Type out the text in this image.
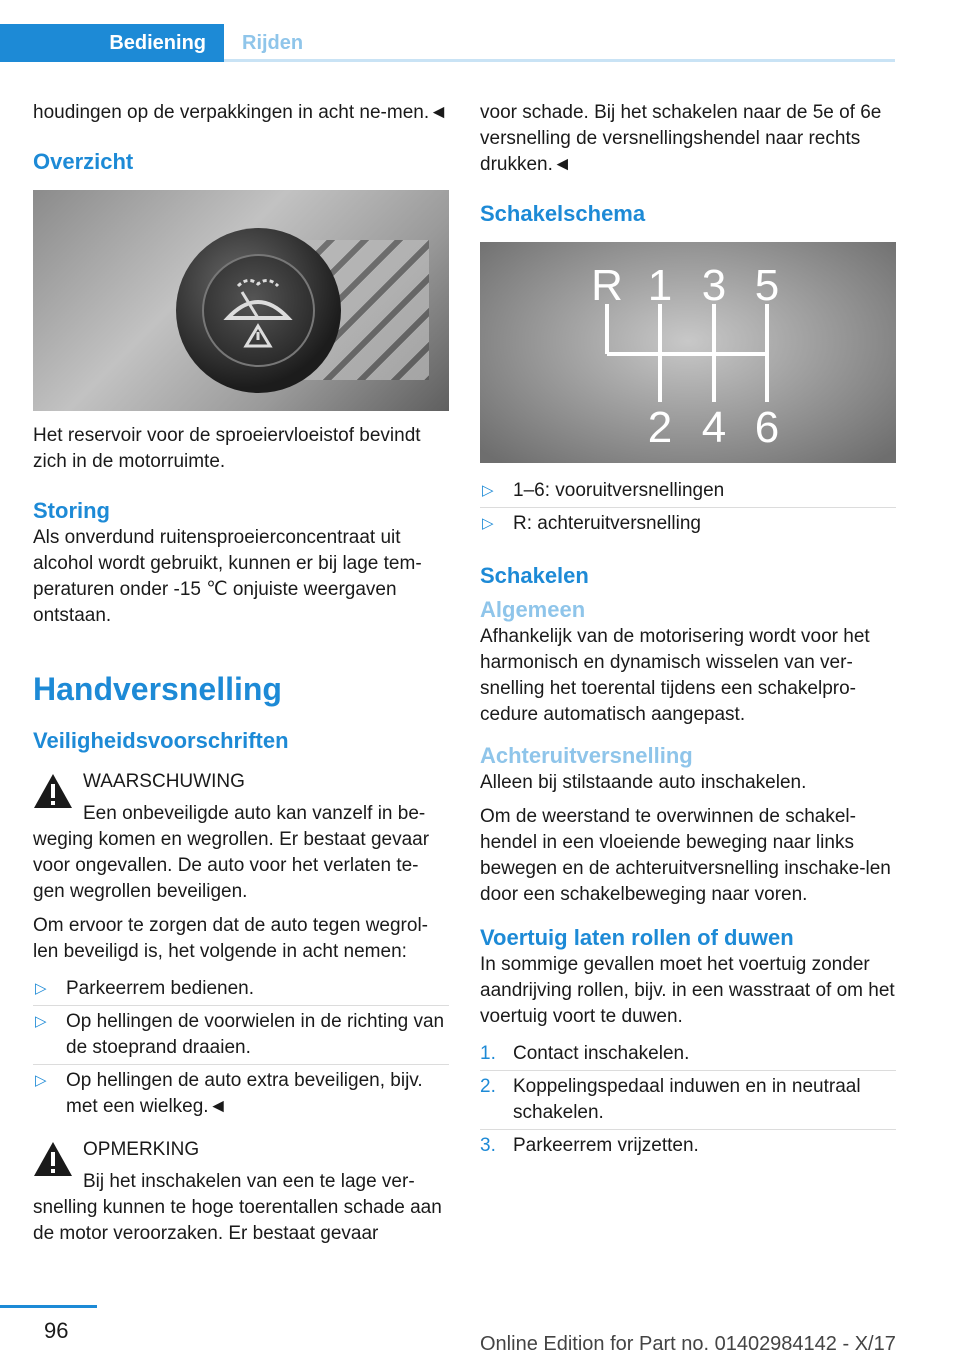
Bediening Rijden

houdingen op de verpakkingen in acht ne-men.◄

Overzicht

Het reservoir voor de sproeiervloeistof bevindt zich in de motorruimte.

Storing

Als onverdund ruitensproeierconcentraat uit alcohol wordt gebruikt, kunnen er bij lage tem-peraturen onder -15 ℃ onjuiste weergaven ontstaan.

Handversnelling
Veiligheidsvoorschriften

WAARSCHUWING

Een onbeveiligde auto kan vanzelf in be-weging komen en wegrollen. Er bestaat gevaar voor ongevallen. De auto voor het verlaten te-gen wegrollen beveiligen.

Om ervoor te zorgen dat de auto tegen wegrol-len beveiligd is, het volgende in acht nemen:

▷ Parkeerrem bedienen.
▷ Op hellingen de voorwielen in de richting van de stoeprand draaien.
▷ Op hellingen de auto extra beveiligen, bijv. met een wielkeg.◄

OPMERKING

Bij het inschakelen van een te lage ver-snelling kunnen te hoge toerentallen schade aan de motor veroorzaken. Er bestaat gevaar

voor schade. Bij het schakelen naar de 5e of 6e versnelling de versnellingshendel naar rechts drukken.◄

Schakelschema
R 1 3 5
2 4 6
▷ 1–6: vooruitversnellingen
▷ R: achteruitversnelling
Schakelen
Algemeen

Afhankelijk van de motorisering wordt voor het harmonisch en dynamisch wisselen van ver-snelling het toerental tijdens een schakelpro-cedure automatisch aangepast.

Achteruitversnelling

Alleen bij stilstaande auto inschakelen.

Om de weerstand te overwinnen de schakel-hendel in een vloeiende beweging naar links bewegen en de achteruitversnelling inschake-len door een schakelbeweging naar voren.

Voertuig laten rollen of duwen

In sommige gevallen moet het voertuig zonder aandrijving rollen, bijv. in een wasstraat of om het voertuig voort te duwen.

1. Contact inschakelen.
2. Koppelingspedaal induwen en in neutraal schakelen.
3. Parkeerrem vrijzetten.
96
Online Edition for Part no. 01402984142 - X/17
